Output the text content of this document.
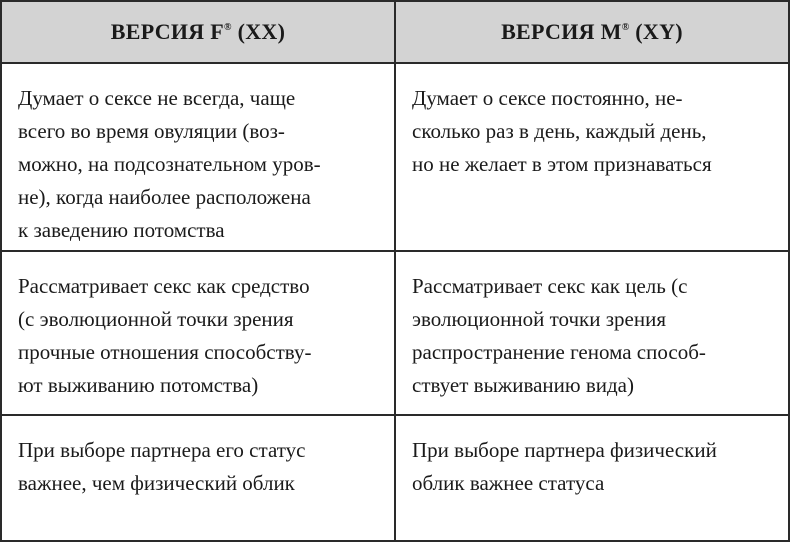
ВЕРСИЯ F® (XX)	ВЕРСИЯ M® (XY)

Думает о сексе не всегда, чаще
всего во время овуляции (воз-
можно, на подсознательном уров-
не), когда наиболее расположена
к заведению потомства	Думает о сексе постоянно, не-
сколько раз в день, каждый день,
но не желает в этом признаваться

Рассматривает секс как средство
(с эволюционной точки зрения
прочные отношения способству-
ют выживанию потомства)	Рассматривает секс как цель (с
эволюционной точки зрения
распространение генома способ-
ствует выживанию вида)

При выборе партнера его статус
важнее, чем физический облик	При выборе партнера физический
облик важнее статуса
